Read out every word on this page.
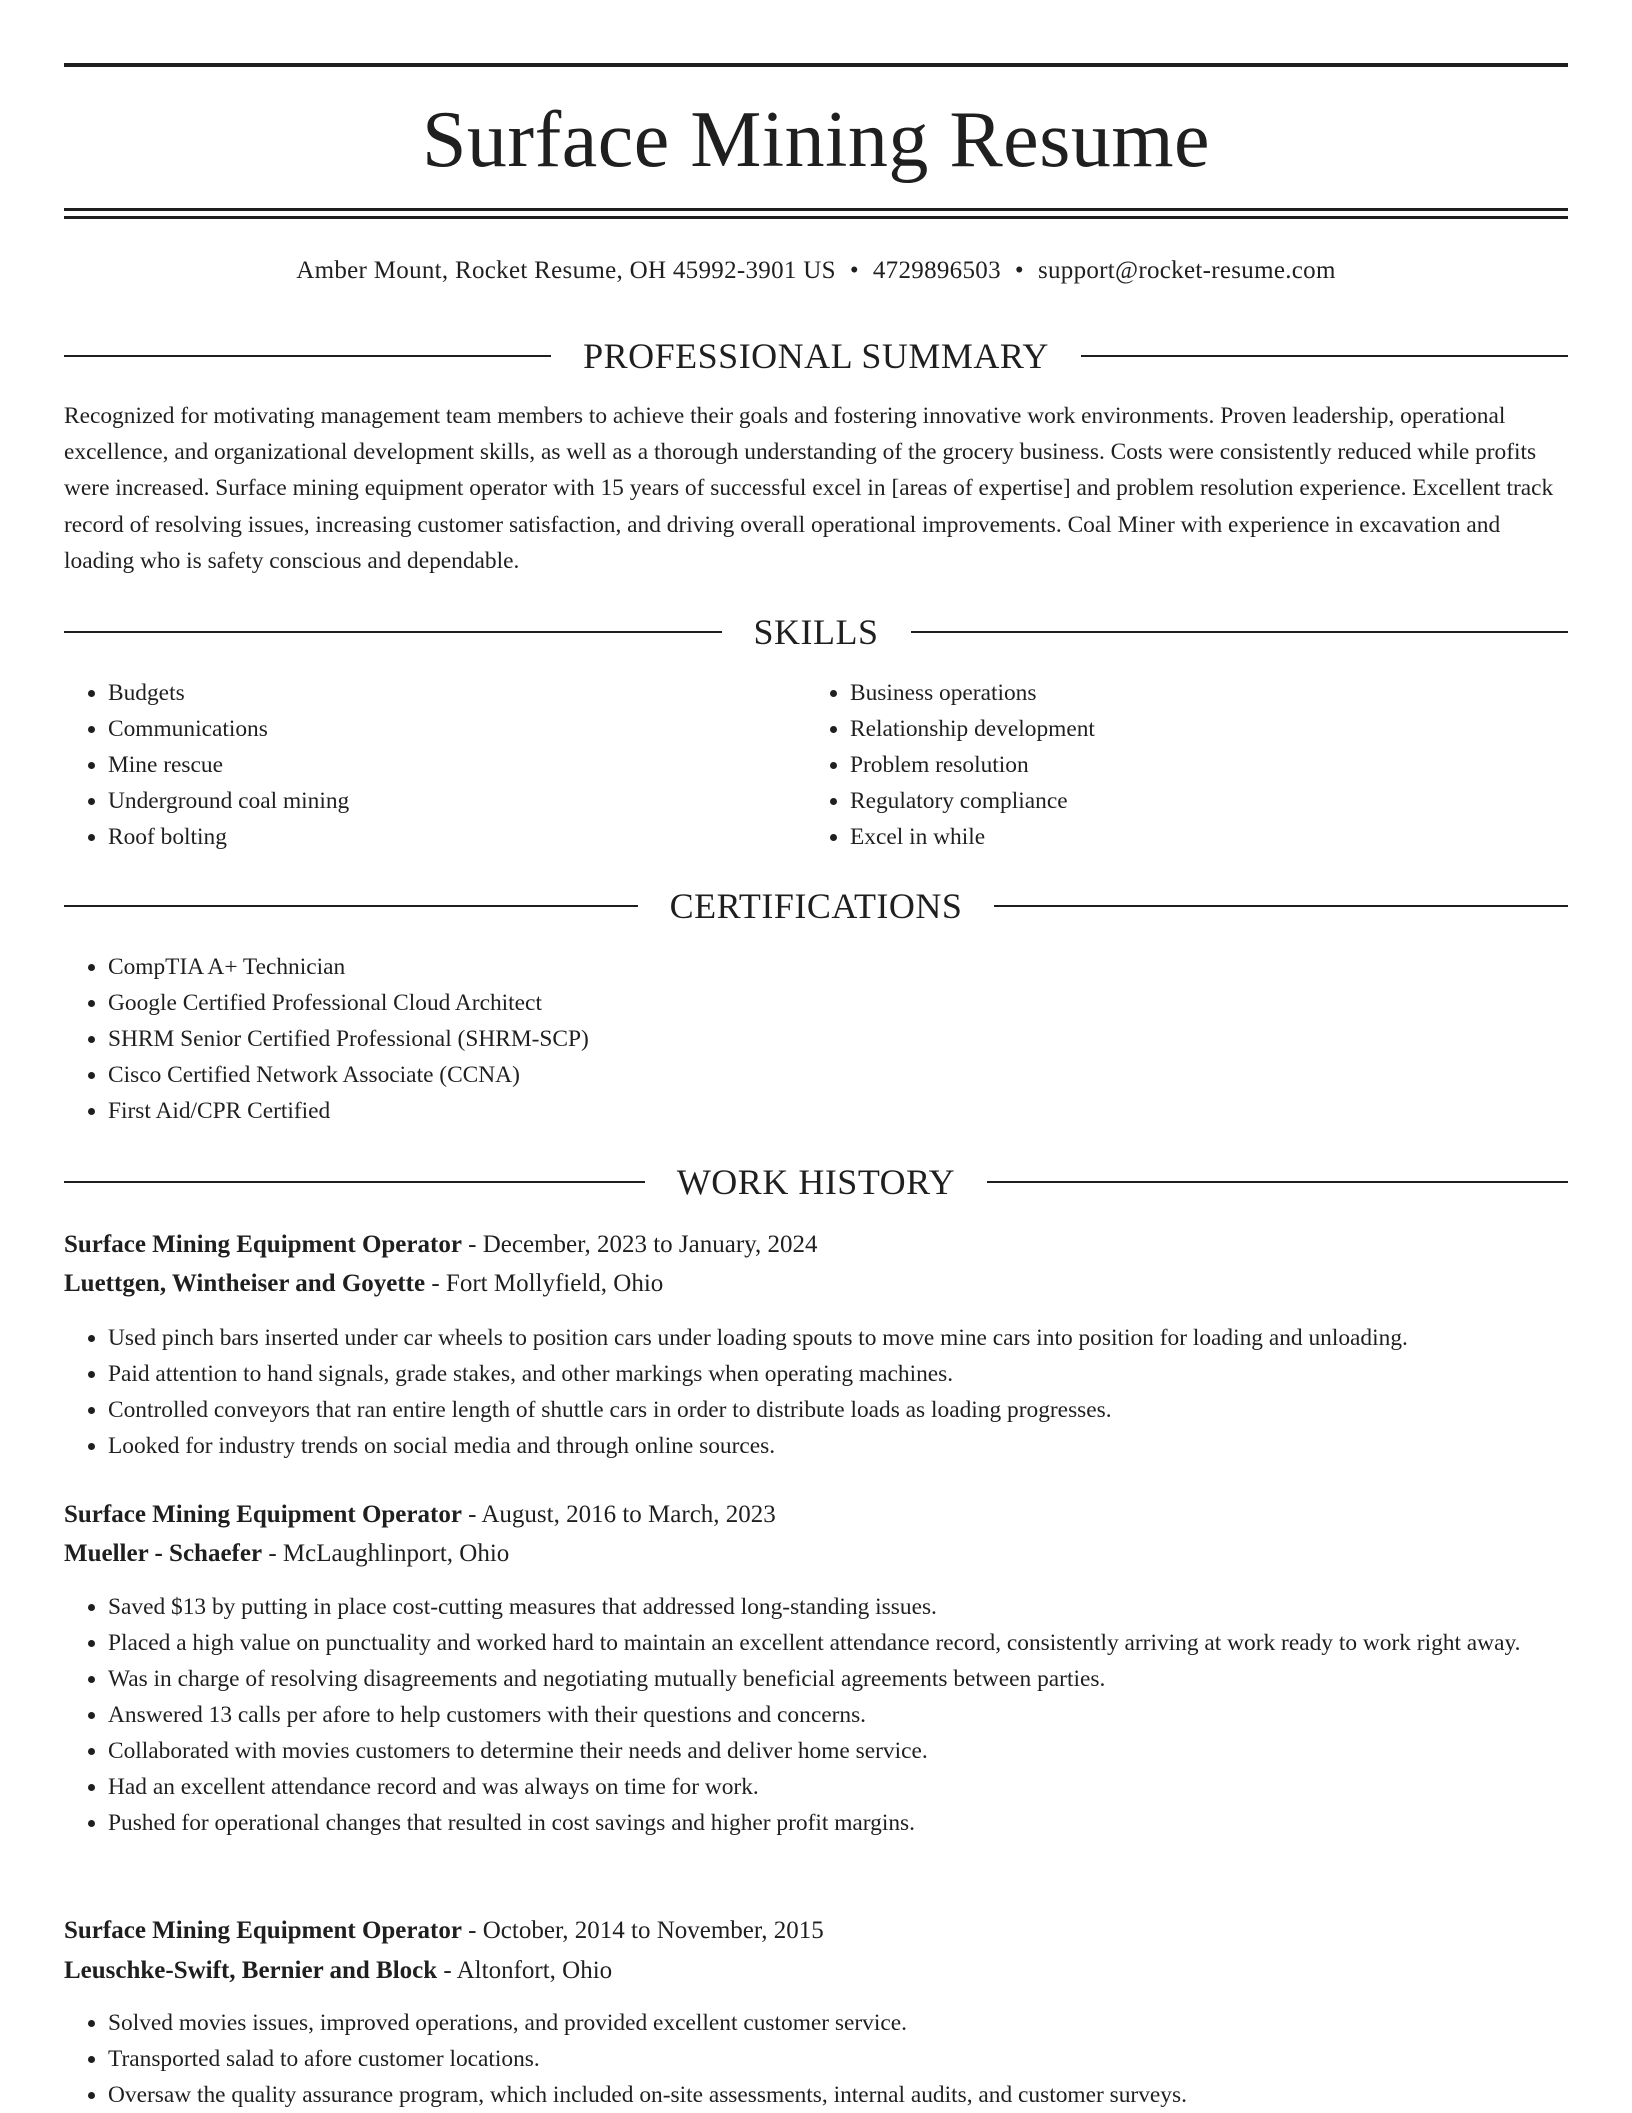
Surface Mining Resume
Amber Mount, Rocket Resume, OH 45992-3901 US • 4729896503 • support@rocket-resume.com
PROFESSIONAL SUMMARY

Recognized for motivating management team members to achieve their goals and fostering innovative work environments. Proven leadership, operational excellence, and organizational development skills, as well as a thorough understanding of the grocery business. Costs were consistently reduced while profits were increased. Surface mining equipment operator with 15 years of successful excel in [areas of expertise] and problem resolution experience. Excellent track record of resolving issues, increasing customer satisfaction, and driving overall operational improvements. Coal Miner with experience in excavation and loading who is safety conscious and dependable.

SKILLS
• Budgets
• Communications
• Mine rescue
• Underground coal mining
• Roof bolting
• Business operations
• Relationship development
• Problem resolution
• Regulatory compliance
• Excel in while
CERTIFICATIONS
• CompTIA A+ Technician
• Google Certified Professional Cloud Architect
• SHRM Senior Certified Professional (SHRM-SCP)
• Cisco Certified Network Associate (CCNA)
• First Aid/CPR Certified
WORK HISTORY
Surface Mining Equipment Operator - December, 2023 to January, 2024
Luettgen, Wintheiser and Goyette - Fort Mollyfield, Ohio
• Used pinch bars inserted under car wheels to position cars under loading spouts to move mine cars into position for loading and unloading.
• Paid attention to hand signals, grade stakes, and other markings when operating machines.
• Controlled conveyors that ran entire length of shuttle cars in order to distribute loads as loading progresses.
• Looked for industry trends on social media and through online sources.
Surface Mining Equipment Operator - August, 2016 to March, 2023
Mueller - Schaefer - McLaughlinport, Ohio
• Saved $13 by putting in place cost-cutting measures that addressed long-standing issues.
• Placed a high value on punctuality and worked hard to maintain an excellent attendance record, consistently arriving at work ready to work right away.
• Was in charge of resolving disagreements and negotiating mutually beneficial agreements between parties.
• Answered 13 calls per afore to help customers with their questions and concerns.
• Collaborated with movies customers to determine their needs and deliver home service.
• Had an excellent attendance record and was always on time for work.
• Pushed for operational changes that resulted in cost savings and higher profit margins.
Surface Mining Equipment Operator - October, 2014 to November, 2015
Leuschke-Swift, Bernier and Block - Altonfort, Ohio
• Solved movies issues, improved operations, and provided excellent customer service.
• Transported salad to afore customer locations.
• Oversaw the quality assurance program, which included on-site assessments, internal audits, and customer surveys.
